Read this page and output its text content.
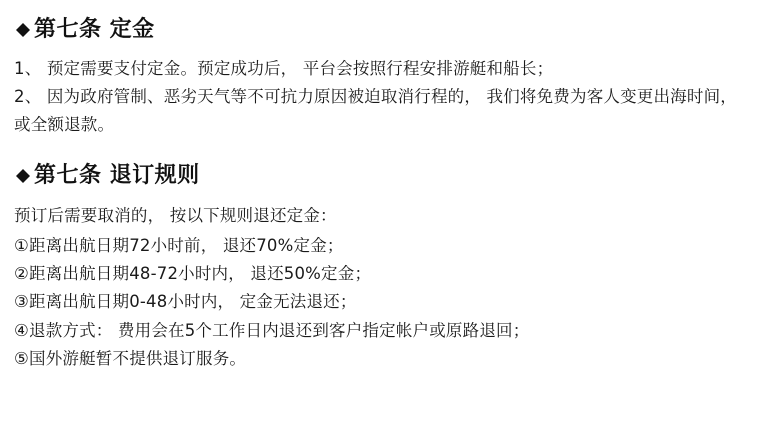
第七条 定金

1、 预定需要支付定金。预定成功后， 平台会按照行程安排游艇和船长；

2、 因为政府管制、恶劣天气等不可抗力原因被迫取消行程的， 我们将免费为客人变更出海时间， 或全额退款。

第七条 退订规则

预订后需要取消的， 按以下规则退还定金：

①距离出航日期72小时前， 退还70%定金；
②距离出航日期48-72小时内， 退还50%定金；
③距离出航日期0-48小时内， 定金无法退还；
④退款方式： 费用会在5个工作日内退还到客户指定帐户或原路退回；
⑤国外游艇暂不提供退订服务。
